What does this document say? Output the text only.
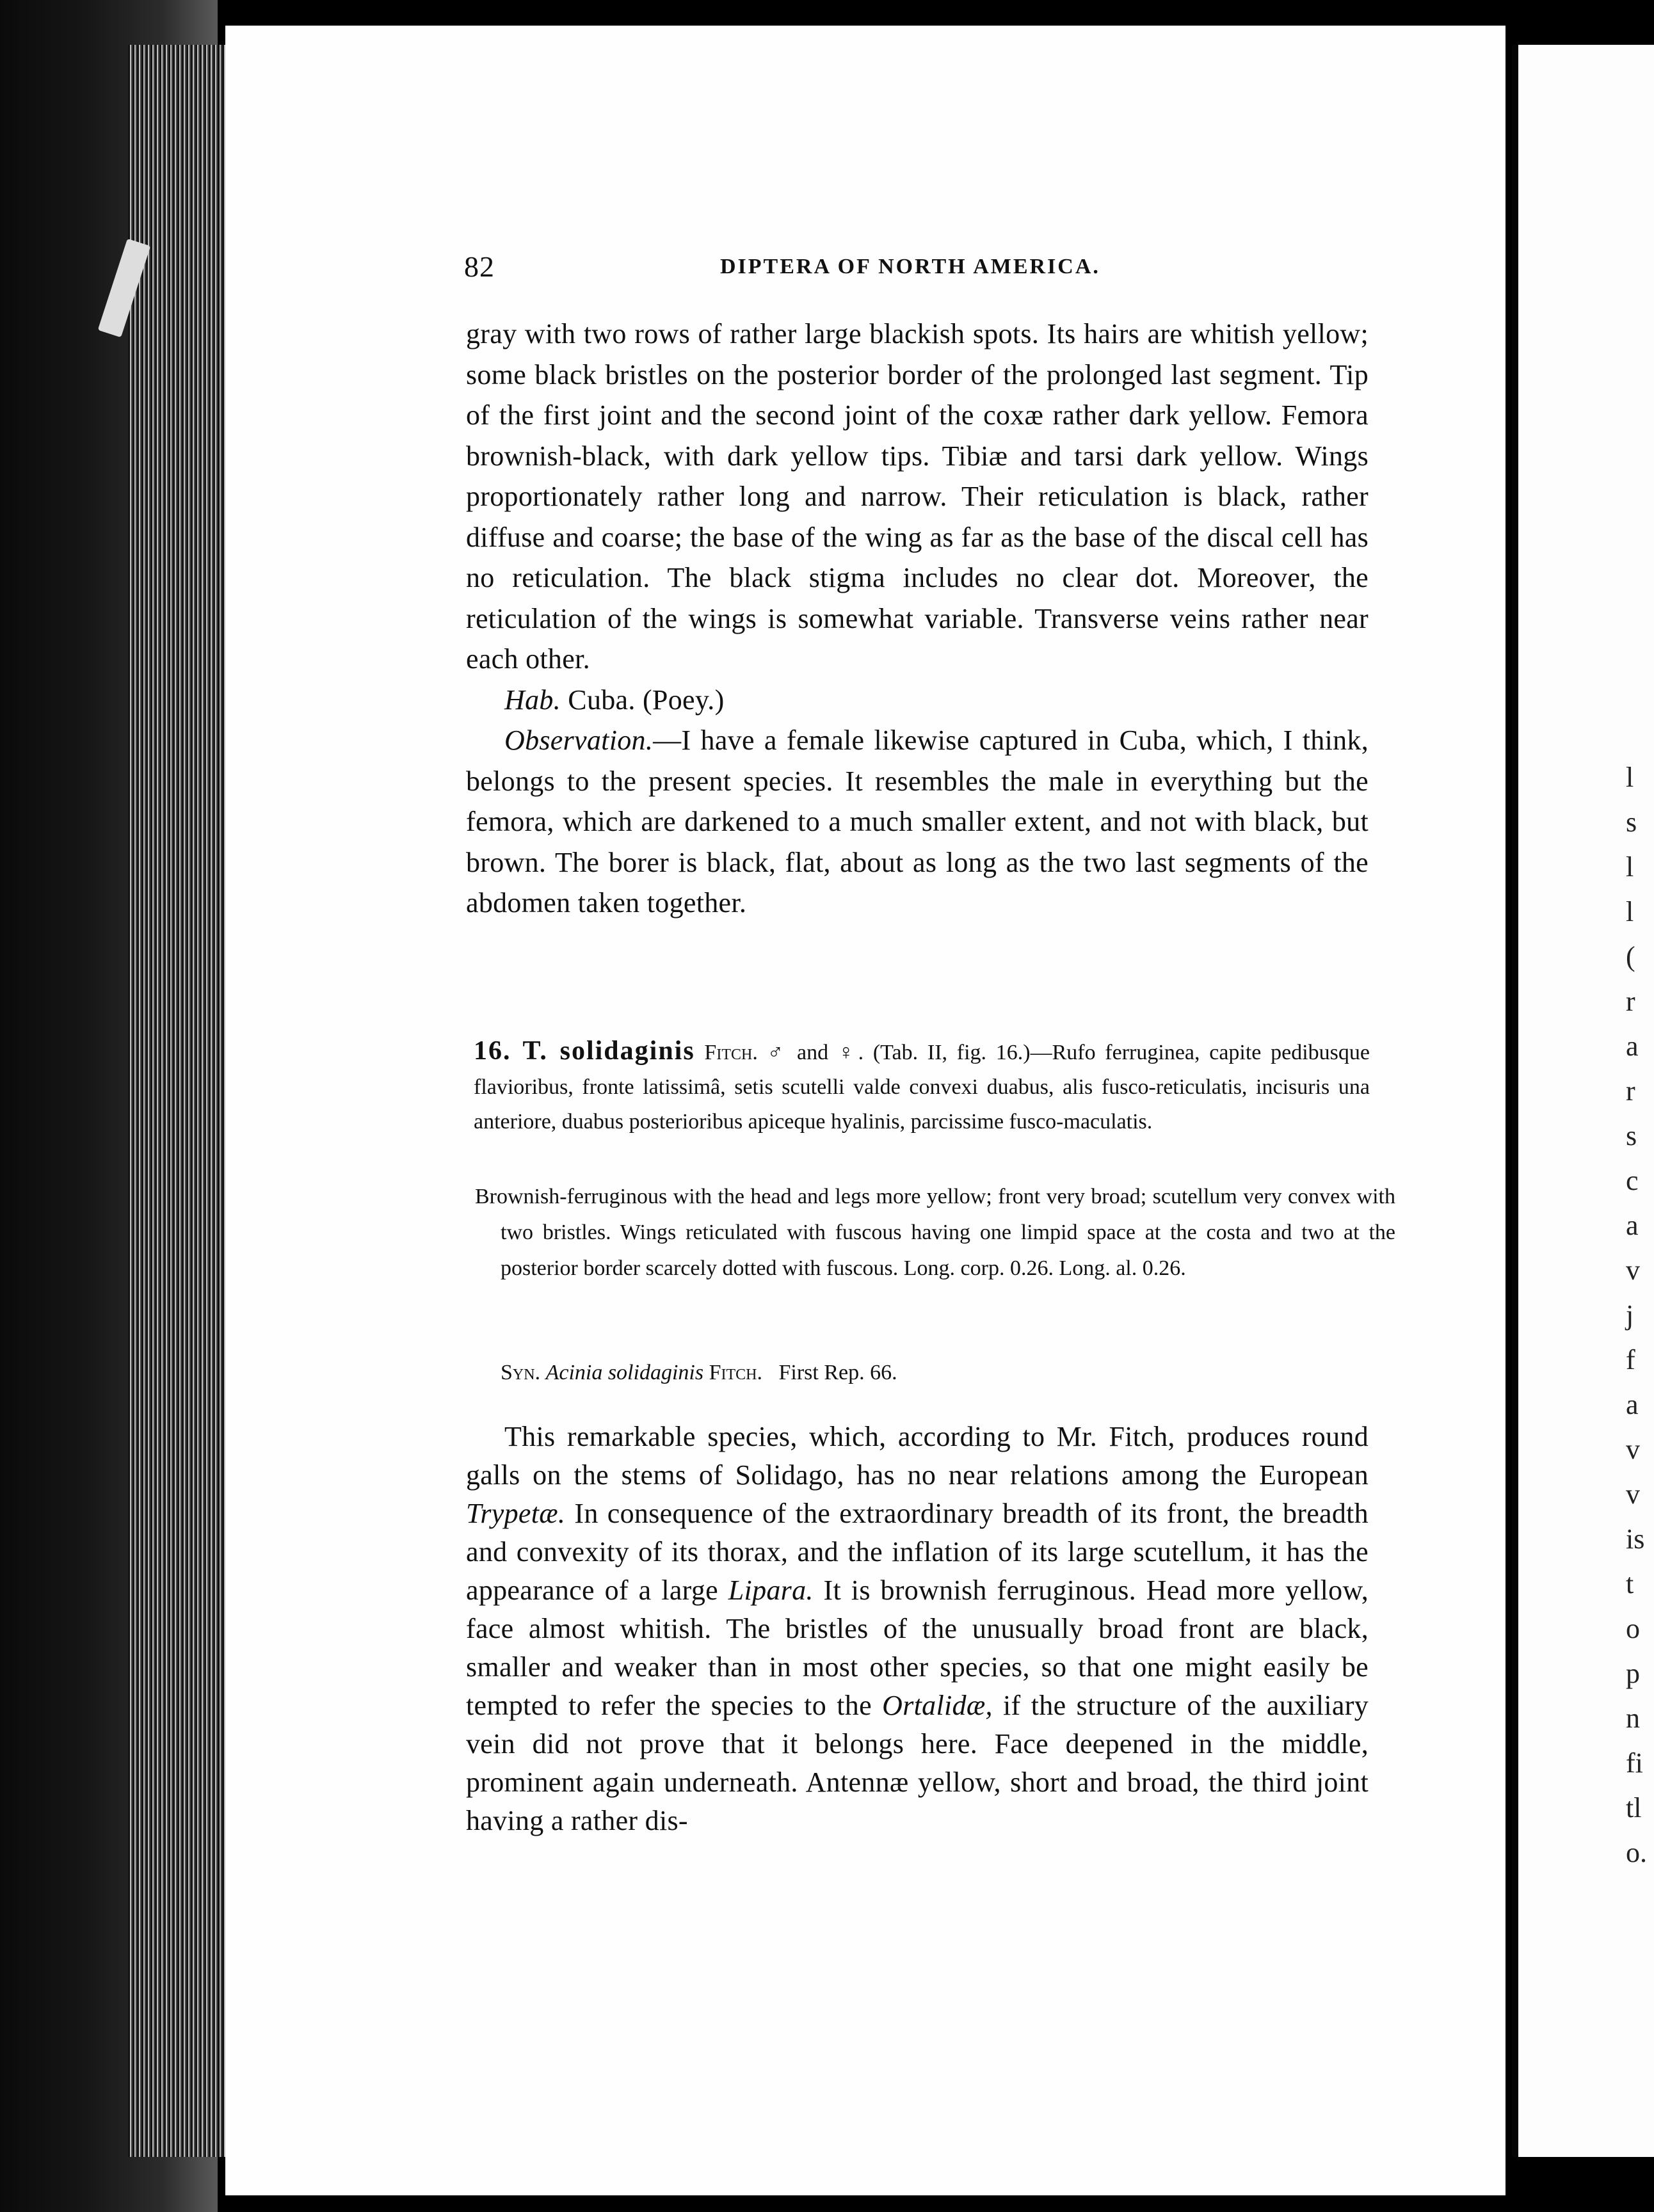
82	DIPTERA OF NORTH AMERICA.

gray with two rows of rather large blackish spots. Its hairs are whitish yellow; some black bristles on the posterior border of the prolonged last segment. Tip of the first joint and the second joint of the coxæ rather dark yellow. Femora brownish-black, with dark yellow tips. Tibiæ and tarsi dark yellow. Wings proportionately rather long and narrow. Their reticulation is black, rather diffuse and coarse; the base of the wing as far as the base of the discal cell has no reticulation. The black stigma includes no clear dot. Moreover, the reticulation of the wings is somewhat variable. Transverse veins rather near each other.

Hab. Cuba. (Poey.)

Observation.—I have a female likewise captured in Cuba, which, I think, belongs to the present species. It resembles the male in everything but the femora, which are darkened to a much smaller extent, and not with black, but brown. The borer is black, flat, about as long as the two last segments of the abdomen taken together.

16. T. solidaginis Fitch. ♂ and ♀. (Tab. II, fig. 16.)—Rufo ferruginea, capite pedibusque flavioribus, fronte latissimâ, setis scutelli valde convexi duabus, alis fusco-reticulatis, incisuris una anteriore, duabus posterioribus apiceque hyalinis, parcissime fusco-maculatis.
Brownish-ferruginous with the head and legs more yellow; front very broad; scutellum very convex with two bristles. Wings reticulated with fuscous having one limpid space at the costa and two at the posterior border scarcely dotted with fuscous. Long. corp. 0.26. Long. al. 0.26.
Syn. Acinia solidaginis Fitch. First Rep. 66.

This remarkable species, which, according to Mr. Fitch, produces round galls on the stems of Solidago, has no near relations among the European Trypetæ. In consequence of the extraordinary breadth of its front, the breadth and convexity of its thorax, and the inflation of its large scutellum, it has the appearance of a large Lipara. It is brownish ferruginous. Head more yellow, face almost whitish. The bristles of the unusually broad front are black, smaller and weaker than in most other species, so that one might easily be tempted to refer the species to the Ortalidæ, if the structure of the auxiliary vein did not prove that it belongs here. Face deepened in the middle, prominent again underneath. Antennæ yellow, short and broad, the third joint having a rather dis-

l
s
l
l
(
r
a
r
s
c
a
v
j
f
a
v
v
is
t
o
p
n
fi
tl
o.
